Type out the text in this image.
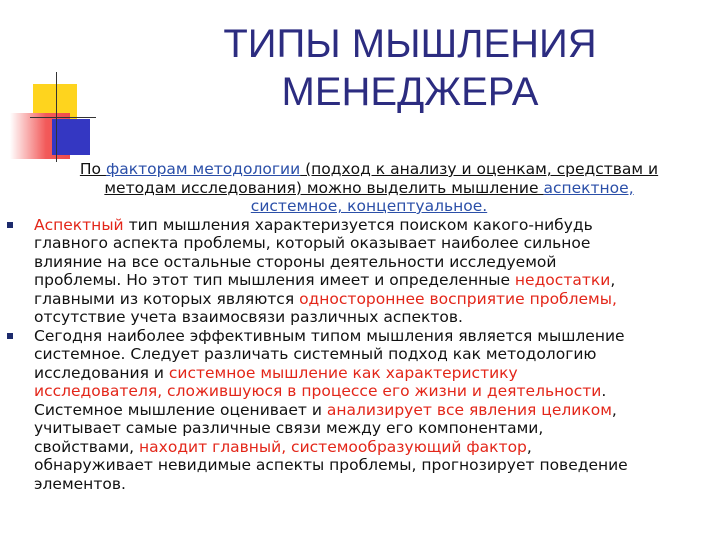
ТИПЫ МЫШЛЕНИЯ
МЕНЕДЖЕРА
По факторам методологии (подход к анализу и оценкам, средствам и
методам исследования) можно выделить мышление аспектное,
системное, концептуальное.
Аспектный тип мышления характеризуется поиском какого-нибудь
главного аспекта проблемы, который оказывает наиболее сильное
влияние на все остальные стороны деятельности исследуемой
проблемы. Но этот тип мышления имеет и определенные недостатки,
главными из которых являются одностороннее восприятие проблемы,
отсутствие учета взаимосвязи различных аспектов.
Сегодня наиболее эффективным типом мышления является мышление
системное. Следует различать системный подход как методологию
исследования и системное мышление как характеристику
исследователя, сложившуюся в процессе его жизни и деятельности.
Системное мышление оценивает и анализирует все явления целиком,
учитывает самые различные связи между его компонентами,
свойствами, находит главный, системообразующий фактор,
обнаруживает невидимые аспекты проблемы, прогнозирует поведение
элементов.
